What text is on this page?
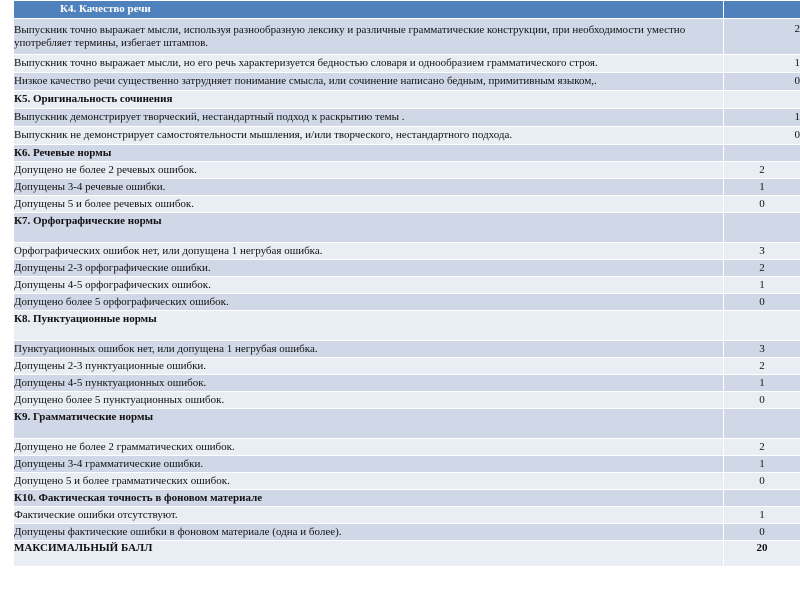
К4. Качество речи	
Выпускник точно выражает мысли, используя разнообразную лексику и различные грамматические конструкции, при необходимости уместно употребляет термины, избегает штампов.	2
Выпускник точно выражает мысли, но его речь характеризуется бедностью словаря и однообразием грамматического строя.	1
Низкое качество речи существенно затрудняет понимание смысла, или сочинение написано бедным, примитивным языком,.	0
К5. Оригинальность сочинения	
Выпускник демонстрирует творческий, нестандартный подход к раскрытию темы .	1
Выпускник не демонстрирует самостоятельности мышления, и/или творческого, нестандартного подхода.	0
К6. Речевые нормы	
Допущено не более 2 речевых ошибок.	2
Допущены 3-4 речевые ошибки.	1
Допущены 5 и более речевых ошибок.	0
К7. Орфографические нормы	
Орфографических ошибок нет, или допущена 1 негрубая ошибка.	3
Допущены 2-3 орфографические ошибки.	2
Допущены 4-5 орфографических ошибок.	1
Допущено более 5 орфографических ошибок.	0
К8. Пунктуационные нормы	
Пунктуационных ошибок нет, или допущена 1 негрубая ошибка.	3
Допущены 2-3 пунктуационные ошибки.	2
Допущены 4-5 пунктуационных ошибок.	1
Допущено более 5 пунктуационных ошибок.	0
К9. Грамматические нормы	
Допущено не более 2 грамматических ошибок.	2
Допущены 3-4 грамматические ошибки.	1
Допущено 5 и более грамматических ошибок.	0
К10. Фактическая точность в фоновом материале	
Фактические ошибки отсутствуют.	1
Допущены фактические ошибки в фоновом материале (одна и более).	0
МАКСИМАЛЬНЫЙ БАЛЛ	20
